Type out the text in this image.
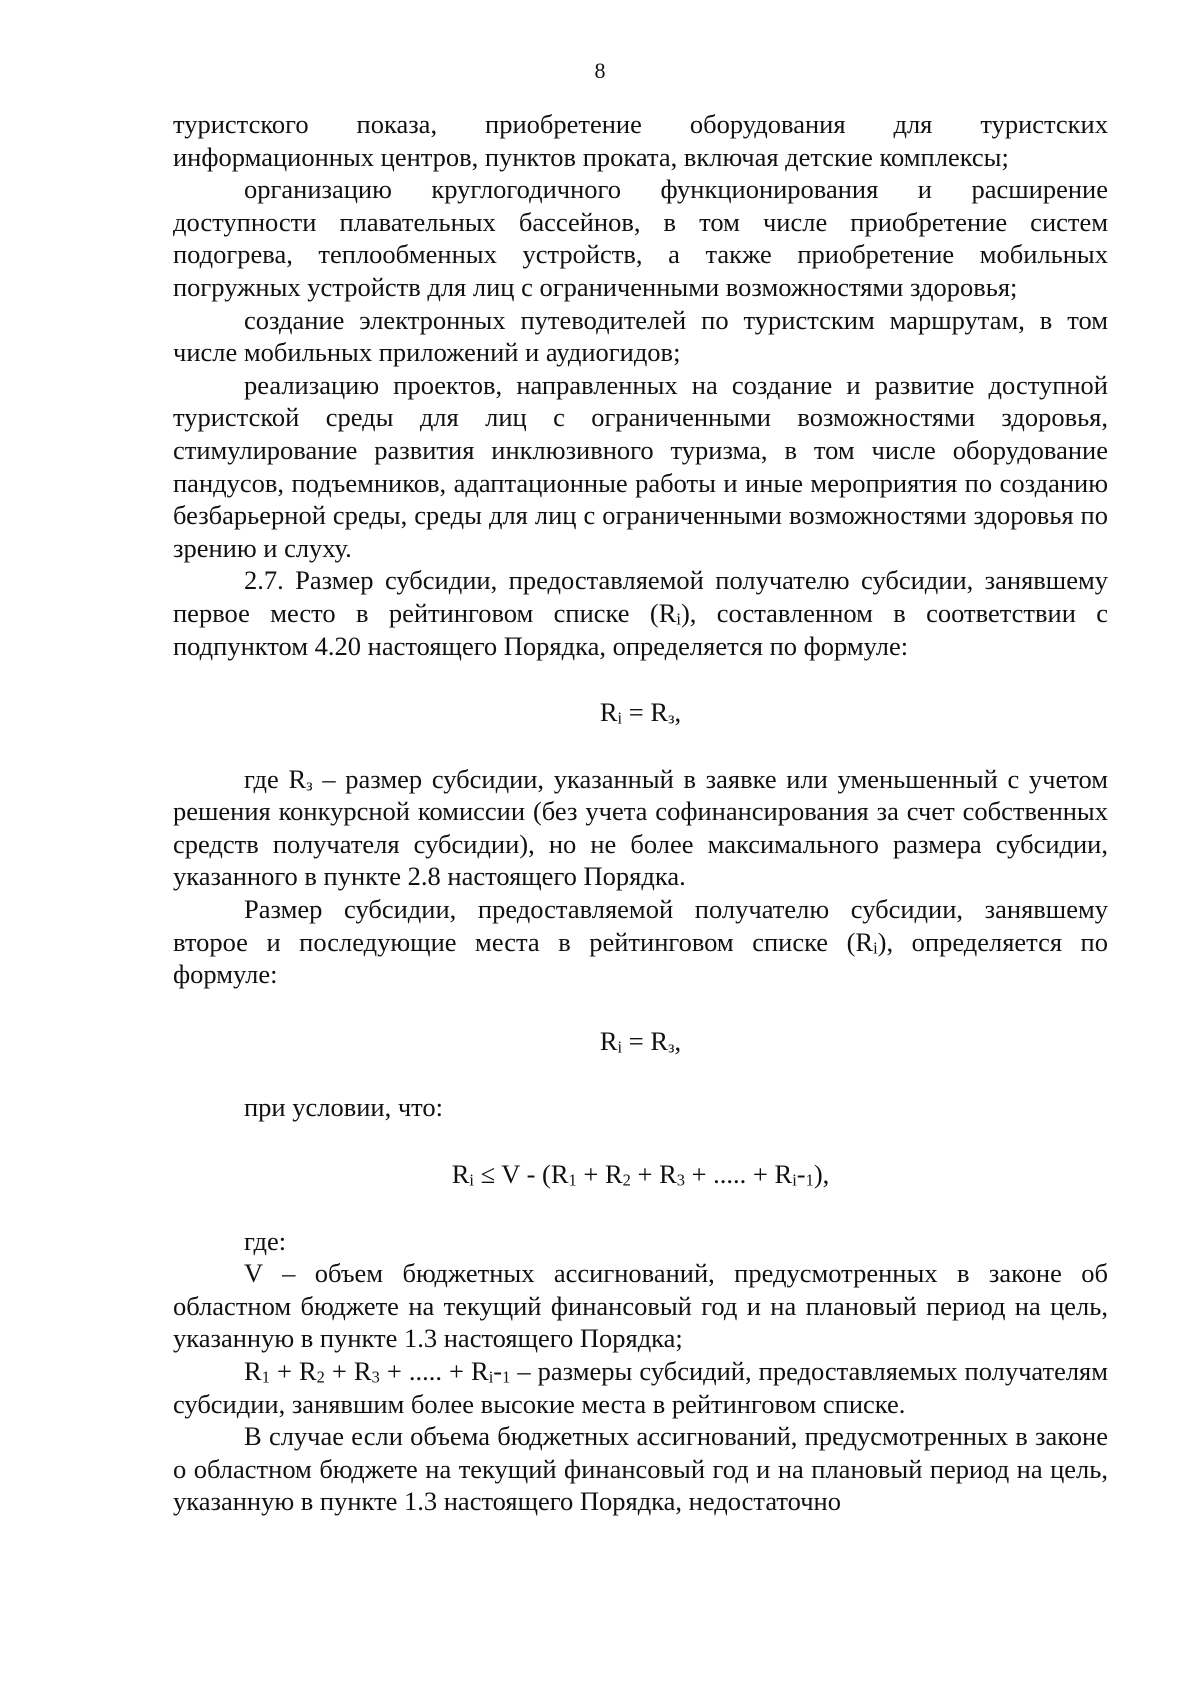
8

туристского показа, приобретение оборудования для туристских информационных центров, пунктов проката, включая детские комплексы;

организацию круглогодичного функционирования и расширение доступности плавательных бассейнов, в том числе приобретение систем подогрева, теплообменных устройств, а также приобретение мобильных погружных устройств для лиц с ограниченными возможностями здоровья;

создание электронных путеводителей по туристским маршрутам, в том числе мобильных приложений и аудиогидов;

реализацию проектов, направленных на создание и развитие доступной туристской среды для лиц с ограниченными возможностями здоровья, стимулирование развития инклюзивного туризма, в том числе оборудование пандусов, подъемников, адаптационные работы и иные мероприятия по созданию безбарьерной среды, среды для лиц с ограниченными возможностями здоровья по зрению и слуху.

2.7. Размер субсидии, предоставляемой получателю субсидии, занявшему первое место в рейтинговом списке $(R_i)$, составленном в соответствии с подпунктом 4.20 настоящего Порядка, определяется по формуле:

$R_i = R_з$,

где $R_з$ – размер субсидии, указанный в заявке или уменьшенный с учетом решения конкурсной комиссии (без учета софинансирования за счет собственных средств получателя субсидии), но не более максимального размера субсидии, указанного в пункте 2.8 настоящего Порядка.

Размер субсидии, предоставляемой получателю субсидии, занявшему второе и последующие места в рейтинговом списке $(R_i)$, определяется по формуле:

$R_i = R_з$,

при условии, что:

$R_i \le V - (R_1 + R_2 + R_3$ + ..... + $R_i-_1$),

где:

V – объем бюджетных ассигнований, предусмотренных в законе об областном бюджете на текущий финансовый год и на плановый период на цель, указанную в пункте 1.3 настоящего Порядка;

$R_1 + R_2 + R_3$ + ..... + $R_i-_1$ – размеры субсидий, предоставляемых получателям субсидии, занявшим более высокие места в рейтинговом списке.

В случае если объема бюджетных ассигнований, предусмотренных в законе о областном бюджете на текущий финансовый год и на плановый период на цель, указанную в пункте 1.3 настоящего Порядка, недостаточно
